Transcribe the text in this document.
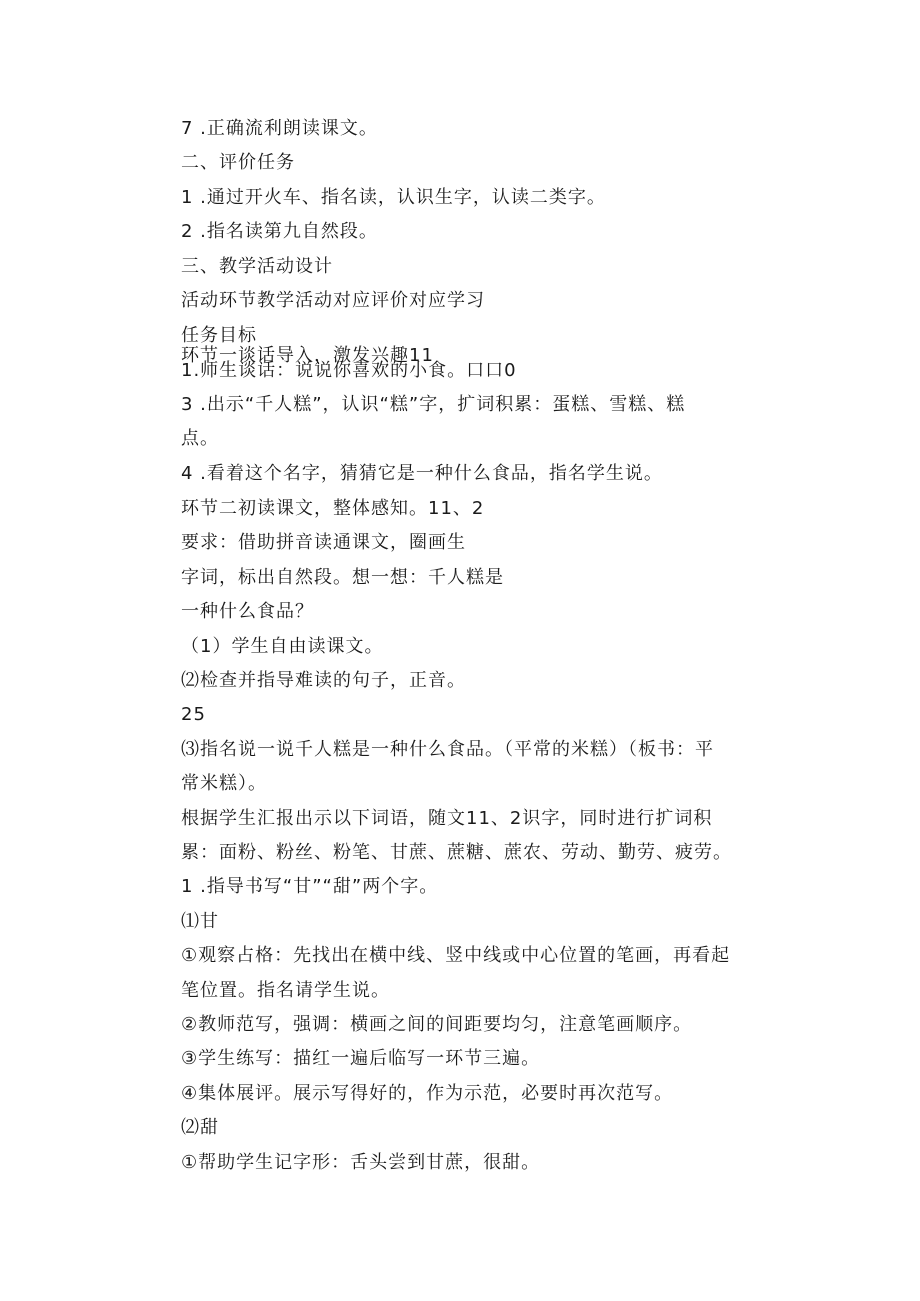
7 .正确流利朗读课文。
二、评价任务
1 .通过开火车、指名读，认识生字，认读二类字。
2 .指名读第九自然段。
三、教学活动设计
活动环节教学活动对应评价对应学习
任务目标
环节一谈话导入，激发兴趣11
1.师生谈话：说说你喜欢的小食。口口0
3 .出示“千人糕”，认识“糕”字，扩词积累：蛋糕、雪糕、糕
点。
4 .看着这个名字，猜猜它是一种什么食品，指名学生说。
环节二初读课文，整体感知。11、2
要求：借助拼音读通课文，圈画生
字词，标出自然段。想一想：千人糕是
一种什么食品？
（1）学生自由读课文。
⑵检查并指导难读的句子，正音。
25
⑶指名说一说千人糕是一种什么食品。（平常的米糕）（板书：平
常米糕）。
根据学生汇报出示以下词语，随文11、2识字，同时进行扩词积
累：面粉、粉丝、粉笔、甘蔗、蔗糖、蔗农、劳动、勤劳、疲劳。
1 .指导书写“甘”“甜”两个字。
⑴甘
①观察占格：先找出在横中线、竖中线或中心位置的笔画，再看起
笔位置。指名请学生说。
②教师范写，强调：横画之间的间距要均匀，注意笔画顺序。
③学生练写：描红一遍后临写一环节三遍。
④集体展评。展示写得好的，作为示范，必要时再次范写。
⑵甜
①帮助学生记字形：舌头尝到甘蔗，很甜。
